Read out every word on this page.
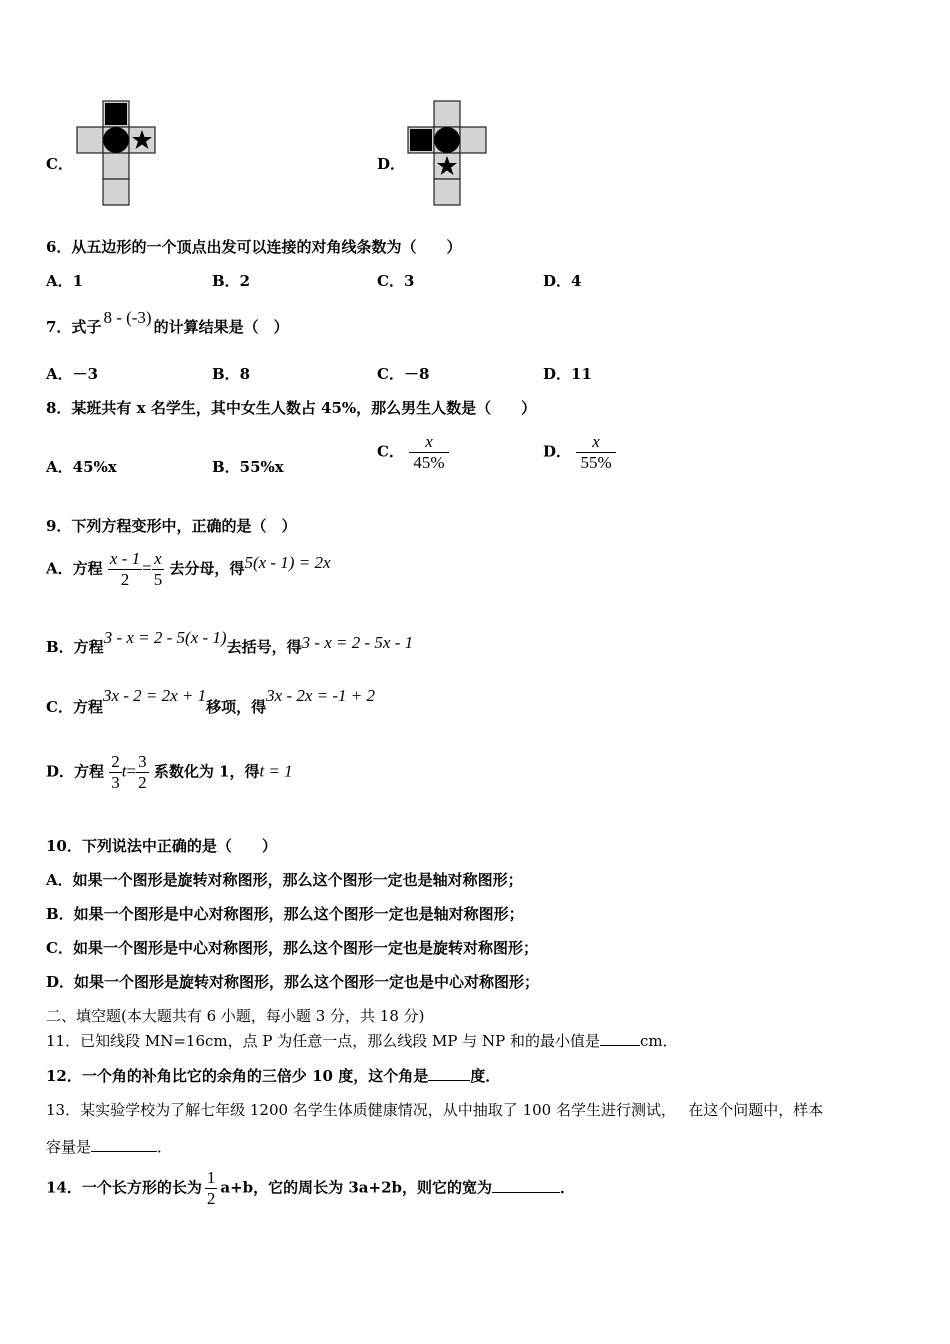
C．	D．
6．从五边形的一个顶点出发可以连接的对角线条数为（　　）
A．1	B．2	C．3	D．4
7．式子 8 - (-3) 的计算结果是（　）
A．－3	B．8	C．－8	D．11
8．某班共有 x 名学生，其中女生人数占 45%，那么男生人数是（　　）
A．45%x	B．55%x
C． $\frac{x}{45\%}$	D． $\frac{x}{55\%}$
9．下列方程变形中，正确的是（　）
A．方程 $\frac{x - 1}{2} = \frac{x}{5}$ 去分母，得5(x - 1) = 2x
B．方程3 - x = 2 - 5(x - 1)去括号，得3 - x = 2 - 5x - 1
C．方程3x - 2 = 2x + 1移项，得3x - 2x = -1 + 2
D．方程 $\frac{2}{3} t= \frac{3}{2}$ 系数化为 1，得t = 1
10．下列说法中正确的是（　　）
A．如果一个图形是旋转对称图形，那么这个图形一定也是轴对称图形；
B．如果一个图形是中心对称图形，那么这个图形一定也是轴对称图形；
C．如果一个图形是中心对称图形，那么这个图形一定也是旋转对称图形；
D．如果一个图形是旋转对称图形，那么这个图形一定也是中心对称图形；
二、填空题(本大题共有 6 小题，每小题 3 分，共 18 分)
11．已知线段 MN=16cm，点 P 为任意一点，那么线段 MP 与 NP 和的最小值是	cm．
12．一个角的补角比它的余角的三倍少 10 度，这个角是	度．
13．某实验学校为了解七年级 1200 名学生体质健康情况，从中抽取了 100 名学生进行测试，　 在这个问题中，样本
容量是	．
14．一个长方形的长为 $\frac{1}{2} a+b$，它的周长为 3a+2b，则它的宽为	．
